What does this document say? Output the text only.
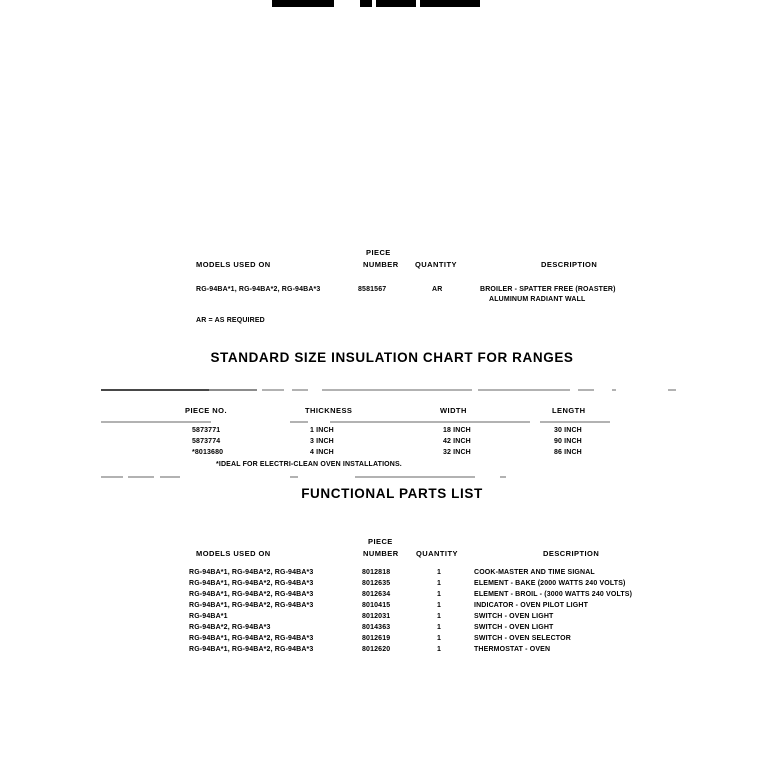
MODELS USED ON
PIECE
NUMBER QUANTITY	DESCRIPTION
RG-94BA*1, RG-94BA*2, RG-94BA*3	8581567	AR	BROILER - SPATTER FREE (ROASTER)
ALUMINUM RADIANT WALL
AR = AS REQUIRED
STANDARD SIZE INSULATION CHART FOR RANGES
PIECE NO.	THICKNESS	WIDTH	LENGTH
5873771	1 INCH	18 INCH	30 INCH
5873774	3 INCH	42 INCH	90 INCH
*8013680	4 INCH	32 INCH	86 INCH
*IDEAL FOR ELECTRI-CLEAN OVEN INSTALLATIONS.
FUNCTIONAL PARTS LIST
MODELS USED ON
PIECE
NUMBER QUANTITY	DESCRIPTION
RG-94BA*1, RG-94BA*2, RG-94BA*3	8012818	1	COOK-MASTER AND TIME SIGNAL
RG-94BA*1, RG-94BA*2, RG-94BA*3	8012635	1	ELEMENT - BAKE (2000 WATTS 240 VOLTS)
RG-94BA*1, RG-94BA*2, RG-94BA*3	8012634	1	ELEMENT - BROIL - (3000 WATTS 240 VOLTS)
RG-94BA*1, RG-94BA*2, RG-94BA*3	8010415	1	INDICATOR - OVEN PILOT LIGHT
RG-94BA*1	8012031	1	SWITCH - OVEN LIGHT
RG-94BA*2, RG-94BA*3	8014363	1	SWITCH - OVEN LIGHT
RG-94BA*1, RG-94BA*2, RG-94BA*3	8012619	1	SWITCH - OVEN SELECTOR
RG-94BA*1, RG-94BA*2, RG-94BA*3	8012620	1	THERMOSTAT - OVEN
